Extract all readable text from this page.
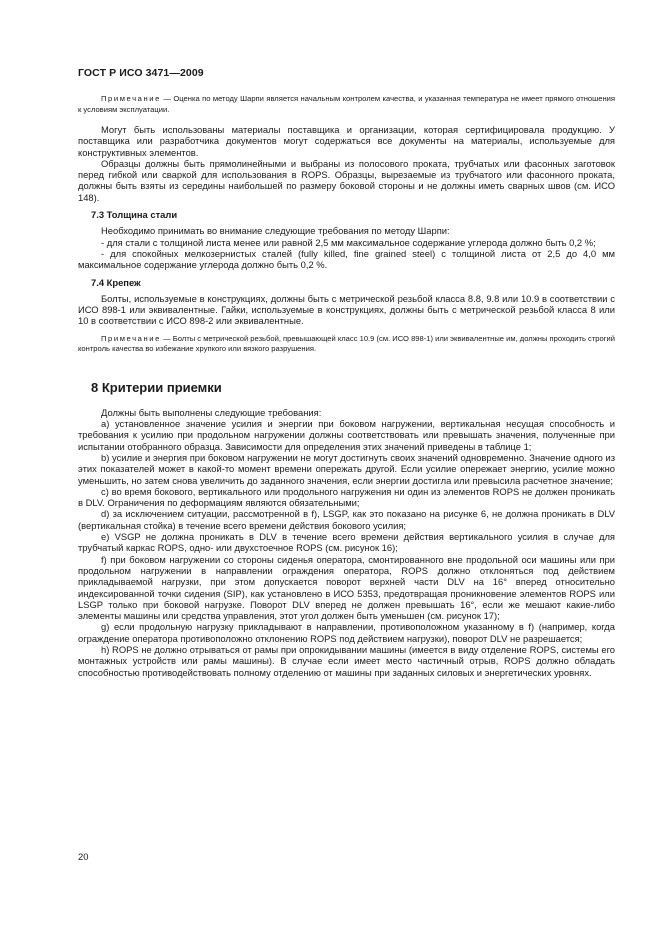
ГОСТ Р ИСО 3471—2009

Примечание — Оценка по методу Шарпи является начальным контролем качества, и указанная температура не имеет прямого отношения к условиям эксплуатации.

Могут быть использованы материалы поставщика и организации, которая сертифицировала продукцию. У поставщика или разработчика документов могут содержаться все документы на материалы, используемые для конструктивных элементов.

Образцы должны быть прямолинейными и выбраны из полосового проката, трубчатых или фасонных заготовок перед гибкой или сваркой для использования в ROPS. Образцы, вырезаемые из трубчатого или фасонного проката, должны быть взяты из середины наибольшей по размеру боковой стороны и не должны иметь сварных швов (см. ИСО 148).

7.3 Толщина стали

Необходимо принимать во внимание следующие требования по методу Шарпи:

- для стали с толщиной листа менее или равной 2,5 мм максимальное содержание углерода должно быть 0,2 %;

- для спокойных мелкозернистых сталей (fully killed, fine grained steel) с толщиной листа от 2,5 до 4,0 мм максимальное содержание углерода должно быть 0,2 %.

7.4 Крепеж

Болты, используемые в конструкциях, должны быть с метрической резьбой класса 8.8, 9.8 или 10.9 в соответствии с ИСО 898-1 или эквивалентные. Гайки, используемые в конструкциях, должны быть с метрической резьбой класса 8 или 10 в соответствии с ИСО 898-2 или эквивалентные.

Примечание — Болты с метрической резьбой, превышающей класс 10.9 (см. ИСО 898-1) или эквивалентные им, должны проходить строгий контроль качества во избежание хрупкого или вязкого разрушения.

8 Критерии приемки

Должны быть выполнены следующие требования:

а) установленное значение усилия и энергии при боковом нагружении, вертикальная несущая способность и требования к усилию при продольном нагружении должны соответствовать или превышать значения, полученные при испытании отобранного образца. Зависимости для определения этих значений приведены в таблице 1;

b) усилие и энергия при боковом нагружении не могут достигнуть своих значений одновременно. Значение одного из этих показателей может в какой-то момент времени опережать другой. Если усилие опережает энергию, усилие можно уменьшить, но затем снова увеличить до заданного значения, если энергии достигла или превысила расчетное значение;

c) во время бокового, вертикального или продольного нагружения ни один из элементов ROPS не должен проникать в DLV. Ограничения по деформациям являются обязательными;

d) за исключением ситуации, рассмотренной в f), LSGP, как это показано на рисунке 6, не должна проникать в DLV (вертикальная стойка) в течение всего времени действия бокового усилия;

e) VSGP не должна проникать в DLV в течение всего времени действия вертикального усилия в случае для трубчатый каркас ROPS, одно- или двухстоечное ROPS (см. рисунок 16);

f) при боковом нагружении со стороны сиденья оператора, смонтированного вне продольной оси машины или при продольном нагружении в направлении ограждения оператора, ROPS должно отклоняться под действием прикладываемой нагрузки, при этом допускается поворот верхней части DLV на 16° вперед относительно индексированной точки сидения (SIP), как установлено в ИСО 5353, предотвращая проникновение элементов ROPS или LSGP только при боковой нагрузке. Поворот DLV вперед не должен превышать 16°, если же мешают какие-либо элементы машины или средства управления, этот угол должен быть уменьшен (см. рисунок 17);

g) если продольную нагрузку прикладывают в направлении, противоположном указанному в f) (например, когда ограждение оператора противоположно отклонению ROPS под действием нагрузки), поворот DLV не разрешается;

h) ROPS не должно отрываться от рамы при опрокидывании машины (имеется в виду отделение ROPS, системы его монтажных устройств или рамы машины). В случае если имеет место частичный отрыв, ROPS должно обладать способностью противодействовать полному отделению от машины при заданных силовых и энергетических уровнях.

20
